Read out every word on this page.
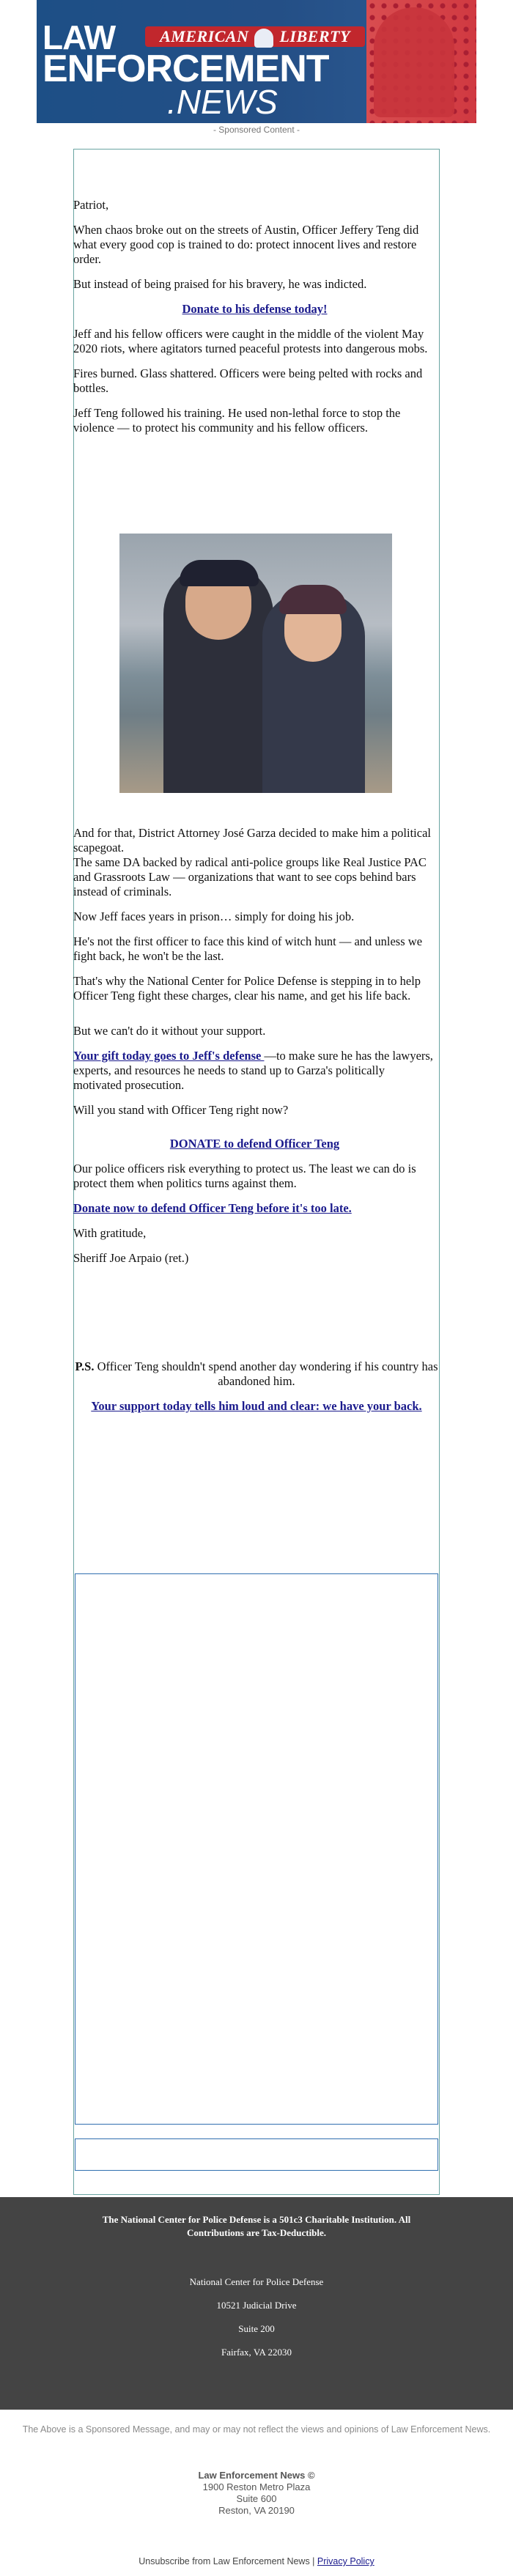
LAW	AMERICAN LIBERTY
ENFORCEMENT
.NEWS
- Sponsored Content -

Patriot,

When chaos broke out on the streets of Austin, Officer Jeffery Teng did what every good cop is trained to do: protect innocent lives and restore order.

But instead of being praised for his bravery, he was indicted.

Donate to his defense today!

Jeff and his fellow officers were caught in the middle of the violent May 2020 riots, where agitators turned peaceful protests into dangerous mobs.

Fires burned. Glass shattered. Officers were being pelted with rocks and bottles.

Jeff Teng followed his training. He used non-lethal force to stop the violence — to protect his community and his fellow officers.

And for that, District Attorney José Garza decided to make him a political scapegoat.
The same DA backed by radical anti-police groups like Real Justice PAC and Grassroots Law — organizations that want to see cops behind bars instead of criminals.

Now Jeff faces years in prison… simply for doing his job.

He's not the first officer to face this kind of witch hunt — and unless we fight back, he won't be the last.

That's why the National Center for Police Defense is stepping in to help Officer Teng fight these charges, clear his name, and get his life back.

But we can't do it without your support.

Your gift today goes to Jeff's defense —to make sure he has the lawyers, experts, and resources he needs to stand up to Garza's politically motivated prosecution.

Will you stand with Officer Teng right now?

DONATE to defend Officer Teng

Our police officers risk everything to protect us. The least we can do is protect them when politics turns against them.

Donate now to defend Officer Teng before it's too late.

With gratitude,

Sheriff Joe Arpaio (ret.)

P.S. Officer Teng shouldn't spend another day wondering if his country has abandoned him.

Your support today tells him loud and clear: we have your back.

The National Center for Police Defense is a 501c3 Charitable Institution. All Contributions are Tax-Deductible.
National Center for Police Defense
10521 Judicial Drive
Suite 200
Fairfax, VA 22030
The Above is a Sponsored Message, and may or may not reflect the views and opinions of Law Enforcement News.
Law Enforcement News ©
1900 Reston Metro Plaza
Suite 600
Reston, VA 20190
Unsubscribe from Law Enforcement News | Privacy Policy
